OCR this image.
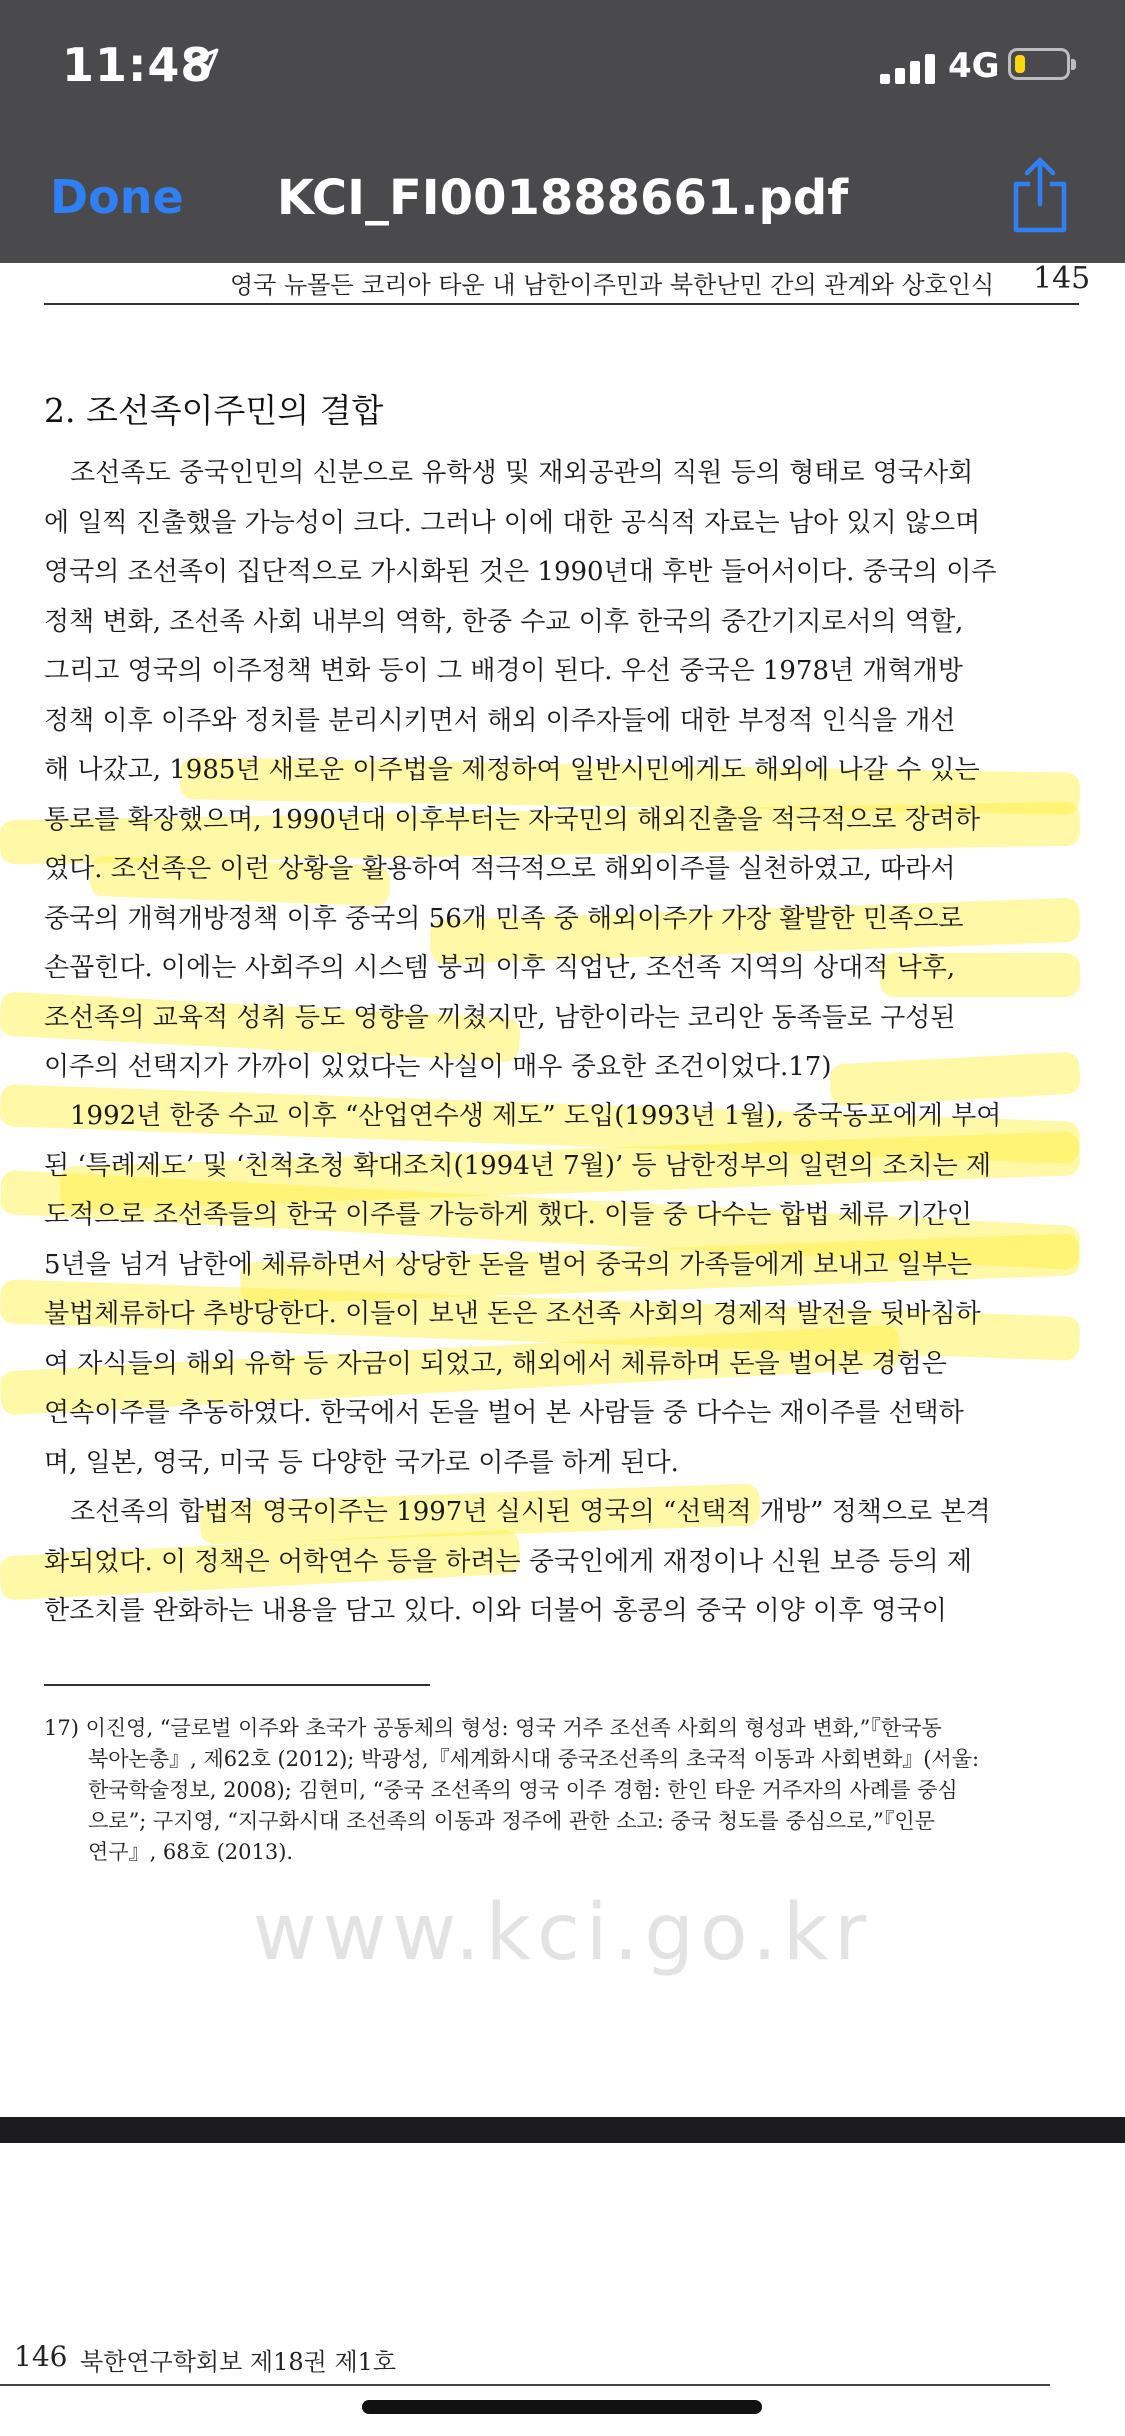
11:48	4G
Done	KCI_FI001888661.pdf
영국 뉴몰든 코리아 타운 내 남한이주민과 북한난민 간의 관계와 상호인식 145
2. 조선족이주민의 결합
조선족도 중국인민의 신분으로 유학생 및 재외공관의 직원 등의 형태로 영국사회
에 일찍 진출했을 가능성이 크다. 그러나 이에 대한 공식적 자료는 남아 있지 않으며
영국의 조선족이 집단적으로 가시화된 것은 1990년대 후반 들어서이다. 중국의 이주
정책 변화, 조선족 사회 내부의 역학, 한중 수교 이후 한국의 중간기지로서의 역할,
그리고 영국의 이주정책 변화 등이 그 배경이 된다. 우선 중국은 1978년 개혁개방
정책 이후 이주와 정치를 분리시키면서 해외 이주자들에 대한 부정적 인식을 개선
해 나갔고, 1985년 새로운 이주법을 제정하여 일반시민에게도 해외에 나갈 수 있는
통로를 확장했으며, 1990년대 이후부터는 자국민의 해외진출을 적극적으로 장려하
였다. 조선족은 이런 상황을 활용하여 적극적으로 해외이주를 실천하였고, 따라서
중국의 개혁개방정책 이후 중국의 56개 민족 중 해외이주가 가장 활발한 민족으로
손꼽힌다. 이에는 사회주의 시스템 붕괴 이후 직업난, 조선족 지역의 상대적 낙후,
조선족의 교육적 성취 등도 영향을 끼쳤지만, 남한이라는 코리안 동족들로 구성된
이주의 선택지가 가까이 있었다는 사실이 매우 중요한 조건이었다.17)
1992년 한중 수교 이후 “산업연수생 제도” 도입(1993년 1월), 중국동포에게 부여
된 ‘특례제도’ 및 ‘친척초청 확대조치(1994년 7월)’ 등 남한정부의 일련의 조치는 제
도적으로 조선족들의 한국 이주를 가능하게 했다. 이들 중 다수는 합법 체류 기간인
5년을 넘겨 남한에 체류하면서 상당한 돈을 벌어 중국의 가족들에게 보내고 일부는
불법체류하다 추방당한다. 이들이 보낸 돈은 조선족 사회의 경제적 발전을 뒷바침하
여 자식들의 해외 유학 등 자금이 되었고, 해외에서 체류하며 돈을 벌어본 경험은
연속이주를 추동하였다. 한국에서 돈을 벌어 본 사람들 중 다수는 재이주를 선택하
며, 일본, 영국, 미국 등 다양한 국가로 이주를 하게 된다.
조선족의 합법적 영국이주는 1997년 실시된 영국의 “선택적 개방” 정책으로 본격
화되었다. 이 정책은 어학연수 등을 하려는 중국인에게 재정이나 신원 보증 등의 제
한조치를 완화하는 내용을 담고 있다. 이와 더불어 홍콩의 중국 이양 이후 영국이
17) 이진영, “글로벌 이주와 초국가 공동체의 형성: 영국 거주 조선족 사회의 형성과 변화,”『한국동
북아논총』, 제62호 (2012); 박광성,『세계화시대 중국조선족의 초국적 이동과 사회변화』(서울:
한국학술정보, 2008); 김현미, “중국 조선족의 영국 이주 경험: 한인 타운 거주자의 사례를 중심
으로”; 구지영, “지구화시대 조선족의 이동과 정주에 관한 소고: 중국 청도를 중심으로,”『인문
연구』, 68호 (2013).
www.kci.go.kr
146 북한연구학회보 제18권 제1호
